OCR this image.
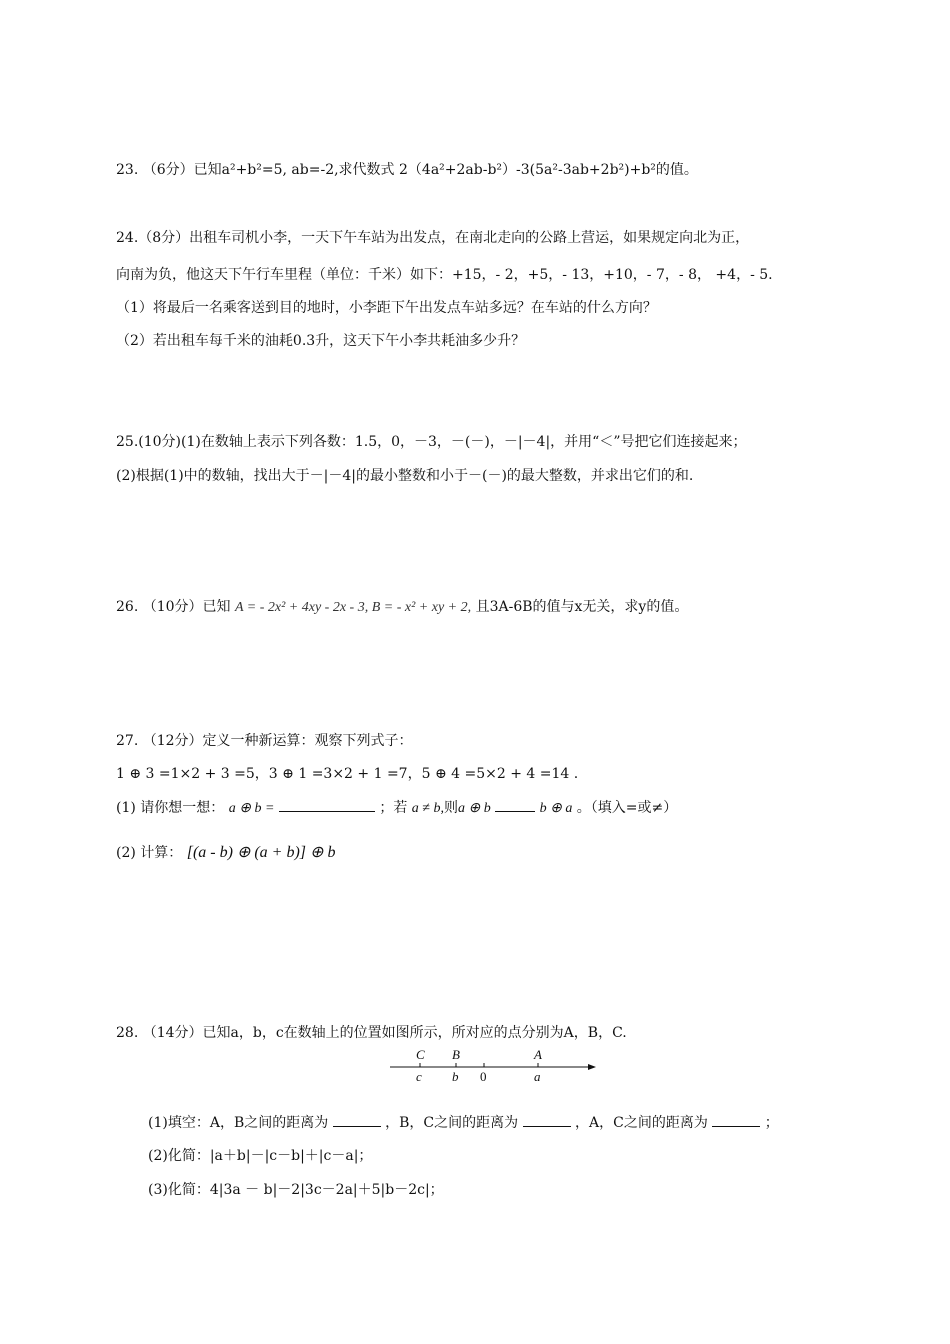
23. （6分）已知a²+b²=5, ab=-2,求代数式 2（4a²+2ab-b²）-3(5a²-3ab+2b²)+b²的值。
24.（8分）出租车司机小李，一天下午车站为出发点，在南北走向的公路上营运，如果规定向北为正，
向南为负，他这天下午行车里程（单位：千米）如下：+15，- 2，+5，- 13，+10，- 7，- 8， +4，- 5.
（1）将最后一名乘客送到目的地时，小李距下午出发点车站多远？在车站的什么方向？
（2）若出租车每千米的油耗0.3升，这天下午小李共耗油多少升？
25.(10分)(1)在数轴上表示下列各数：1.5，0，－3，－(－)，－|－4|，并用“＜”号把它们连接起来；
(2)根据(1)中的数轴，找出大于－|－4|的最小整数和小于－(－)的最大整数，并求出它们的和.
26. （10分）已知 A = - 2x² + 4xy - 2x - 3, B = - x² + xy + 2, 且3A-6B的值与x无关，求y的值。
27. （12分）定义一种新运算：观察下列式子：
1 ⊕ 3 =1×2 + 3 =5，3 ⊕ 1 =3×2 + 1 =7，5 ⊕ 4 =5×2 + 4 =14 .
(1) 请你想一想： a ⊕ b =	；若 a ≠ b,则a ⊕ b	b ⊕ a 。（填入=或≠）
(2) 计算： [(a - b) ⊕ (a + b)] ⊕ b
28. （14分）已知a，b，c在数轴上的位置如图所示，所对应的点分别为A，B，C.
C B	A
c b 0	a
(1)填空：A，B之间的距离为	，B，C之间的距离为	，A，C之间的距离为	；
(2)化简：|a＋b|－|c－b|＋|c－a|；
(3)化简：4|3a － b|－2|3c－2a|＋5|b－2c|；
